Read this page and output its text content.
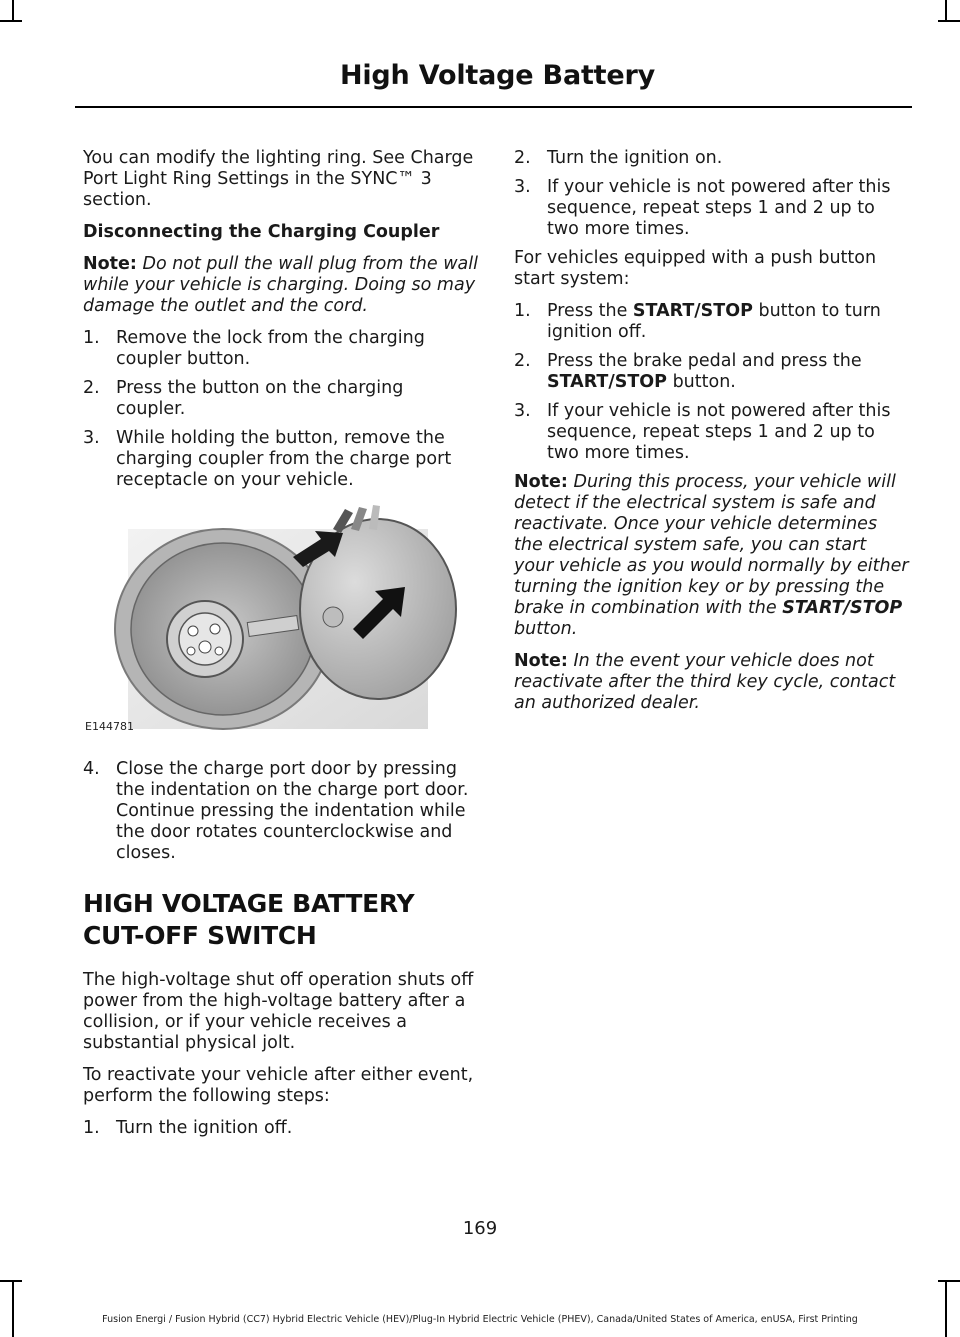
High Voltage Battery

You can modify the lighting ring. See Charge Port Light Ring Settings in the SYNC™ 3 section.

Disconnecting the Charging Coupler

Note: Do not pull the wall plug from the wall while your vehicle is charging. Doing so may damage the outlet and the cord.

1. Remove the lock from the charging coupler button.
2. Press the button on the charging coupler.
3. While holding the button, remove the charging coupler from the charge port receptacle on your vehicle.
E144781
4. Close the charge port door by pressing the indentation on the charge port door. Continue pressing the indentation while the door rotates counterclockwise and closes.
HIGH VOLTAGE BATTERY CUT-OFF SWITCH

The high-voltage shut off operation shuts off power from the high-voltage battery after a collision, or if your vehicle receives a substantial physical jolt.

To reactivate your vehicle after either event, perform the following steps:

1. Turn the ignition off.
2. Turn the ignition on.
3. If your vehicle is not powered after this sequence, repeat steps 1 and 2 up to two more times.

For vehicles equipped with a push button start system:

1. Press the START/STOP button to turn ignition off.
2. Press the brake pedal and press the START/STOP button.
3. If your vehicle is not powered after this sequence, repeat steps 1 and 2 up to two more times.

Note: During this process, your vehicle will detect if the electrical system is safe and reactivate. Once your vehicle determines the electrical system safe, you can start your vehicle as you would normally by either turning the ignition key or by pressing the brake in combination with the START/STOP button.

Note: In the event your vehicle does not reactivate after the third key cycle, contact an authorized dealer.

169
Fusion Energi / Fusion Hybrid (CC7) Hybrid Electric Vehicle (HEV)/Plug-In Hybrid Electric Vehicle (PHEV), Canada/United States of America, enUSA, First Printing
